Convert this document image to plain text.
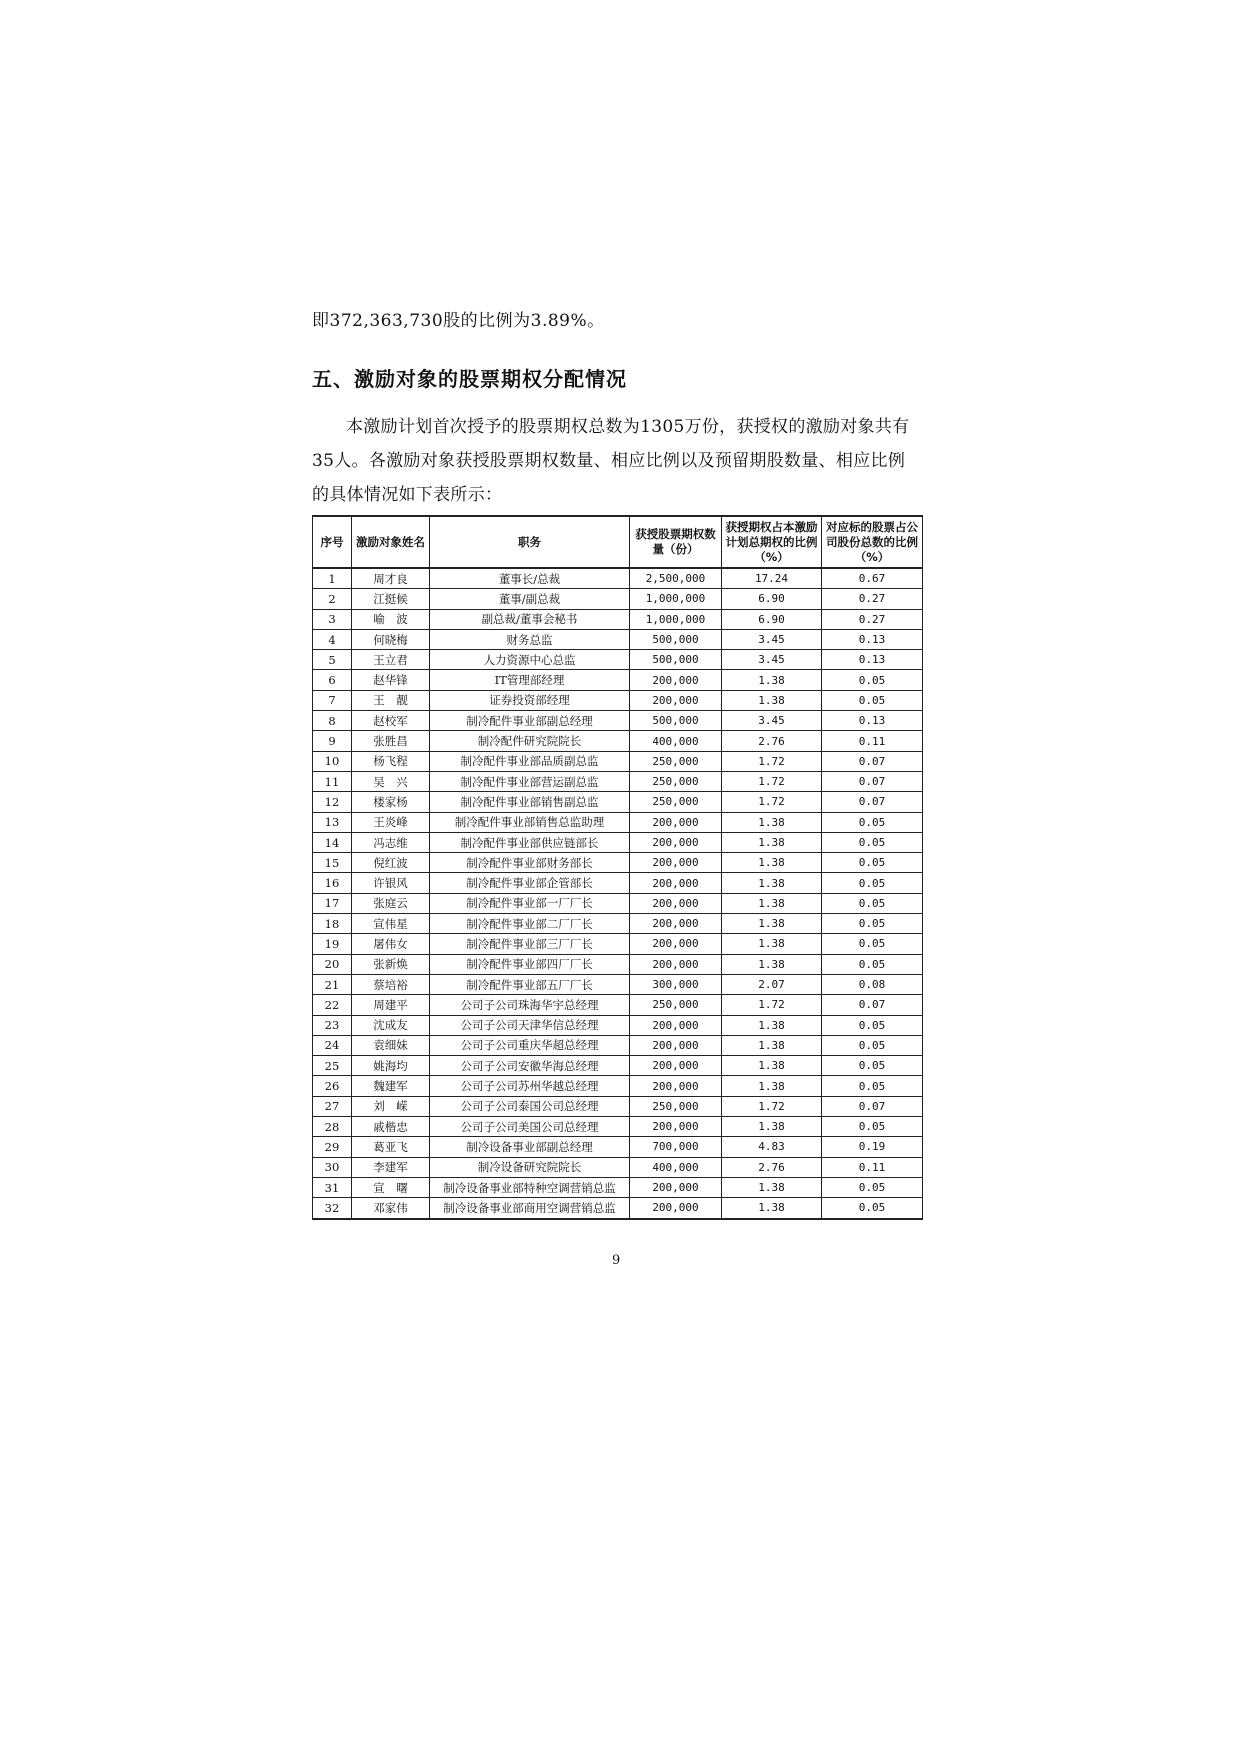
即372,363,730股的比例为3.89%。
五、激励对象的股票期权分配情况

本激励计划首次授予的股票期权总数为1305万份，获授权的激励对象共有35人。各激励对象获授股票期权数量、相应比例以及预留期股数量、相应比例的具体情况如下表所示：

序号	激励对象姓名	职务	获授股票期权数量（份）	获授期权占本激励计划总期权的比例（%）	对应标的股票占公司股份总数的比例（%）
1	周才良	董事长/总裁	2,500,000	17.24	0.67
2	江挺候	董事/副总裁	1,000,000	6.90	0.27
3	喻　波	副总裁/董事会秘书	1,000,000	6.90	0.27
4	何晓梅	财务总监	500,000	3.45	0.13
5	王立君	人力资源中心总监	500,000	3.45	0.13
6	赵华锋	IT管理部经理	200,000	1.38	0.05
7	王　靓	证券投资部经理	200,000	1.38	0.05
8	赵校军	制冷配件事业部副总经理	500,000	3.45	0.13
9	张胜昌	制冷配件研究院院长	400,000	2.76	0.11
10	杨飞程	制冷配件事业部品质副总监	250,000	1.72	0.07
11	吴　兴	制冷配件事业部营运副总监	250,000	1.72	0.07
12	楼家杨	制冷配件事业部销售副总监	250,000	1.72	0.07
13	王炎峰	制冷配件事业部销售总监助理	200,000	1.38	0.05
14	冯志维	制冷配件事业部供应链部长	200,000	1.38	0.05
15	倪红波	制冷配件事业部财务部长	200,000	1.38	0.05
16	许银风	制冷配件事业部企管部长	200,000	1.38	0.05
17	张庭云	制冷配件事业部一厂厂长	200,000	1.38	0.05
18	宣伟星	制冷配件事业部二厂厂长	200,000	1.38	0.05
19	屠伟女	制冷配件事业部三厂厂长	200,000	1.38	0.05
20	张新焕	制冷配件事业部四厂厂长	200,000	1.38	0.05
21	蔡培裕	制冷配件事业部五厂厂长	300,000	2.07	0.08
22	周建平	公司子公司珠海华宇总经理	250,000	1.72	0.07
23	沈成友	公司子公司天津华信总经理	200,000	1.38	0.05
24	袁细妹	公司子公司重庆华超总经理	200,000	1.38	0.05
25	姚海均	公司子公司安徽华海总经理	200,000	1.38	0.05
26	魏建军	公司子公司苏州华越总经理	200,000	1.38	0.05
27	刘　嵘	公司子公司泰国公司总经理	250,000	1.72	0.07
28	戚楷忠	公司子公司美国公司总经理	200,000	1.38	0.05
29	葛亚飞	制冷设备事业部副总经理	700,000	4.83	0.19
30	李建军	制冷设备研究院院长	400,000	2.76	0.11
31	宣　曙	制冷设备事业部特种空调营销总监	200,000	1.38	0.05
32	邓家伟	制冷设备事业部商用空调营销总监	200,000	1.38	0.05
9
